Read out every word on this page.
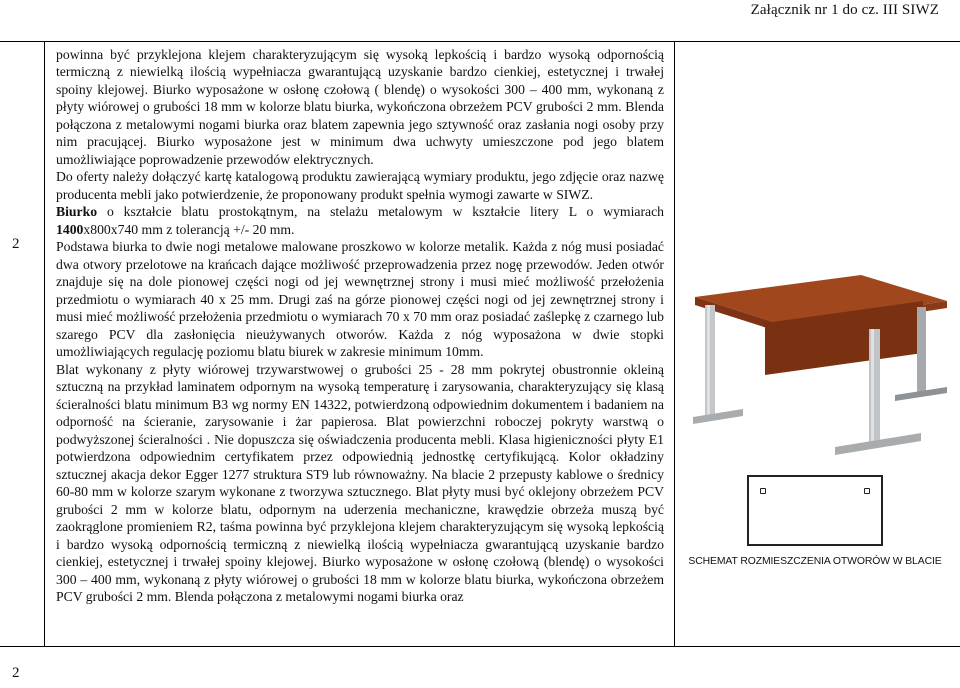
Załącznik nr 1 do cz. III SIWZ
2

powinna być przyklejona klejem charakteryzującym się wysoką lepkością i bardzo wysoką odpornością termiczną z niewielką ilością wypełniacza gwarantującą uzyskanie bardzo cienkiej, estetycznej i trwałej spoiny klejowej. Biurko wyposażone w osłonę czołową ( blendę) o wysokości 300 – 400 mm, wykonaną z płyty wiórowej o grubości 18 mm w kolorze blatu biurka, wykończona obrzeżem PCV grubości 2 mm. Blenda połączona z metalowymi nogami biurka oraz blatem zapewnia jego sztywność oraz zasłania nogi osoby przy nim pracującej. Biurko wyposażone jest w minimum dwa uchwyty umieszczone pod jego blatem umożliwiające poprowadzenie przewodów elektrycznych.

Do oferty należy dołączyć kartę katalogową produktu zawierającą wymiary produktu, jego zdjęcie oraz nazwę producenta mebli jako potwierdzenie, że proponowany produkt spełnia wymogi zawarte w SIWZ.

Biurko o kształcie blatu prostokątnym, na stelażu metalowym w kształcie litery L o wymiarach 1400x800x740 mm z tolerancją +/- 20 mm.

Podstawa biurka to dwie nogi metalowe malowane proszkowo w kolorze metalik. Każda z nóg musi posiadać dwa otwory przelotowe na krańcach dające możliwość przeprowadzenia przez nogę przewodów. Jeden otwór znajduje się na dole pionowej części nogi od jej wewnętrznej strony i musi mieć możliwość przełożenia przedmiotu o wymiarach 40 x 25 mm. Drugi zaś na górze pionowej części nogi od jej zewnętrznej strony i musi mieć możliwość przełożenia przedmiotu o wymiarach 70 x 70 mm oraz posiadać zaślepkę z czarnego lub szarego PCV dla zasłonięcia nieużywanych otworów. Każda z nóg wyposażona w dwie stopki umożliwiających regulację poziomu blatu biurek w zakresie minimum 10mm.

Blat wykonany z płyty wiórowej trzywarstwowej o grubości 25 - 28 mm pokrytej obustronnie okleiną sztuczną na przykład laminatem odpornym na wysoką temperaturę i zarysowania, charakteryzujący się klasą ścieralności blatu minimum B3 wg normy EN 14322, potwierdzoną odpowiednim dokumentem i badaniem na odporność na ścieranie, zarysowanie i żar papierosa. Blat powierzchni roboczej pokryty warstwą o podwyższonej ścieralności . Nie dopuszcza się oświadczenia producenta mebli. Klasa higieniczności płyty E1 potwierdzona odpowiednim certyfikatem przez odpowiednią jednostkę certyfikującą. Kolor okładziny sztucznej akacja dekor Egger 1277 struktura ST9 lub równoważny. Na blacie 2 przepusty kablowe o średnicy 60-80 mm w kolorze szarym wykonane z tworzywa sztucznego. Blat płyty musi być oklejony obrzeżem PCV grubości 2 mm w kolorze blatu, odpornym na uderzenia mechaniczne, krawędzie obrzeża muszą być zaokrąglone promieniem R2, taśma powinna być przyklejona klejem charakteryzującym się wysoką lepkością i bardzo wysoką odpornością termiczną z niewielką ilością wypełniacza gwarantującą uzyskanie bardzo cienkiej, estetycznej i trwałej spoiny klejowej. Biurko wyposażone w osłonę czołową (blendę) o wysokości 300 – 400 mm, wykonaną z płyty wiórowej o grubości 18 mm w kolorze blatu biurka, wykończona obrzeżem PCV grubości 2 mm. Blenda połączona z metalowymi nogami biurka oraz

SCHEMAT ROZMIESZCZENIA OTWORÓW W BLACIE
2
